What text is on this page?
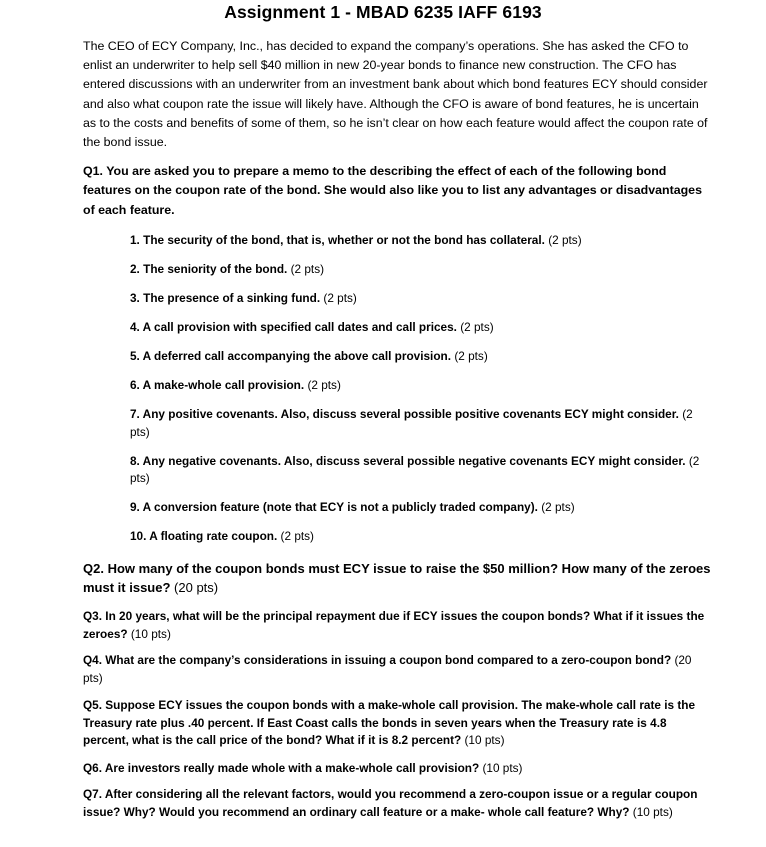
Assignment 1 - MBAD 6235 IAFF 6193
The CEO of ECY Company, Inc., has decided to expand the company’s operations. She has asked the CFO to enlist an underwriter to help sell $40 million in new 20-year bonds to finance new construction. The CFO has entered discussions with an underwriter from an investment bank about which bond features ECY should consider and also what coupon rate the issue will likely have. Although the CFO is aware of bond features, he is uncertain as to the costs and benefits of some of them, so he isn’t clear on how each feature would affect the coupon rate of the bond issue.
Q1. You are asked you to prepare a memo to the describing the effect of each of the following bond features on the coupon rate of the bond. She would also like you to list any advantages or disadvantages of each feature.
1. The security of the bond, that is, whether or not the bond has collateral. (2 pts)
2. The seniority of the bond. (2 pts)
3. The presence of a sinking fund. (2 pts)
4. A call provision with specified call dates and call prices. (2 pts)
5. A deferred call accompanying the above call provision. (2 pts)
6. A make-whole call provision. (2 pts)
7. Any positive covenants. Also, discuss several possible positive covenants ECY might consider. (2 pts)
8. Any negative covenants. Also, discuss several possible negative covenants ECY might consider. (2 pts)
9. A conversion feature (note that ECY is not a publicly traded company). (2 pts)
10. A floating rate coupon. (2 pts)
Q2. How many of the coupon bonds must ECY issue to raise the $50 million? How many of the zeroes must it issue? (20 pts)
Q3. In 20 years, what will be the principal repayment due if ECY issues the coupon bonds? What if it issues the zeroes? (10 pts)
Q4. What are the company’s considerations in issuing a coupon bond compared to a zero-coupon bond? (20 pts)
Q5. Suppose ECY issues the coupon bonds with a make-whole call provision. The make-whole call rate is the Treasury rate plus .40 percent. If East Coast calls the bonds in seven years when the Treasury rate is 4.8 percent, what is the call price of the bond? What if it is 8.2 percent? (10 pts)
Q6. Are investors really made whole with a make-whole call provision? (10 pts)
Q7. After considering all the relevant factors, would you recommend a zero-coupon issue or a regular coupon issue? Why? Would you recommend an ordinary call feature or a make- whole call feature? Why? (10 pts)
